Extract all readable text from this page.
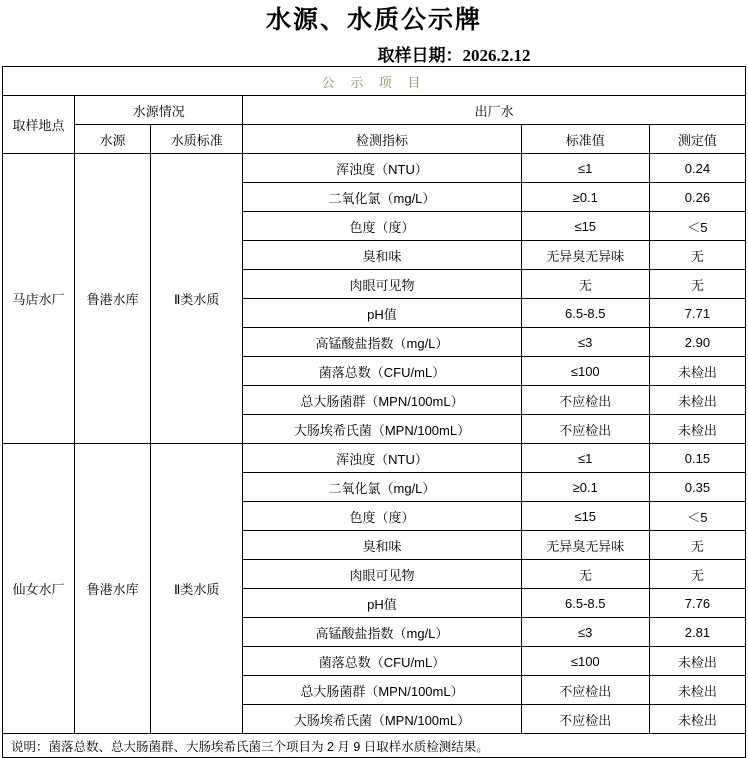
水源、水质公示牌
取样日期：2026.2.12
公 示 项 目					
取样地点	水源情况		出厂水		
	水源	水质标准	检测指标	标准值	测定值
马店水厂	鲁港水库	Ⅱ类水质	浑浊度（NTU）	≤1	0.24
			二氧化氯（mg/L）	≥0.1	0.26
			色度（度）	≤15	＜5
			臭和味	无异臭无异味	无
			肉眼可见物	无	无
			pH值	6.5-8.5	7.71
			高锰酸盐指数（mg/L）	≤3	2.90
			菌落总数（CFU/mL）	≤100	未检出
			总大肠菌群（MPN/100mL）	不应检出	未检出
			大肠埃希氏菌（MPN/100mL）	不应检出	未检出
仙女水厂	鲁港水库	Ⅱ类水质	浑浊度（NTU）	≤1	0.15
			二氧化氯（mg/L）	≥0.1	0.35
			色度（度）	≤15	＜5
			臭和味	无异臭无异味	无
			肉眼可见物	无	无
			pH值	6.5-8.5	7.76
			高锰酸盐指数（mg/L）	≤3	2.81
			菌落总数（CFU/mL）	≤100	未检出
			总大肠菌群（MPN/100mL）	不应检出	未检出
			大肠埃希氏菌（MPN/100mL）	不应检出	未检出
说明：菌落总数、总大肠菌群、大肠埃希氏菌三个项目为 2 月 9 日取样水质检测结果。
